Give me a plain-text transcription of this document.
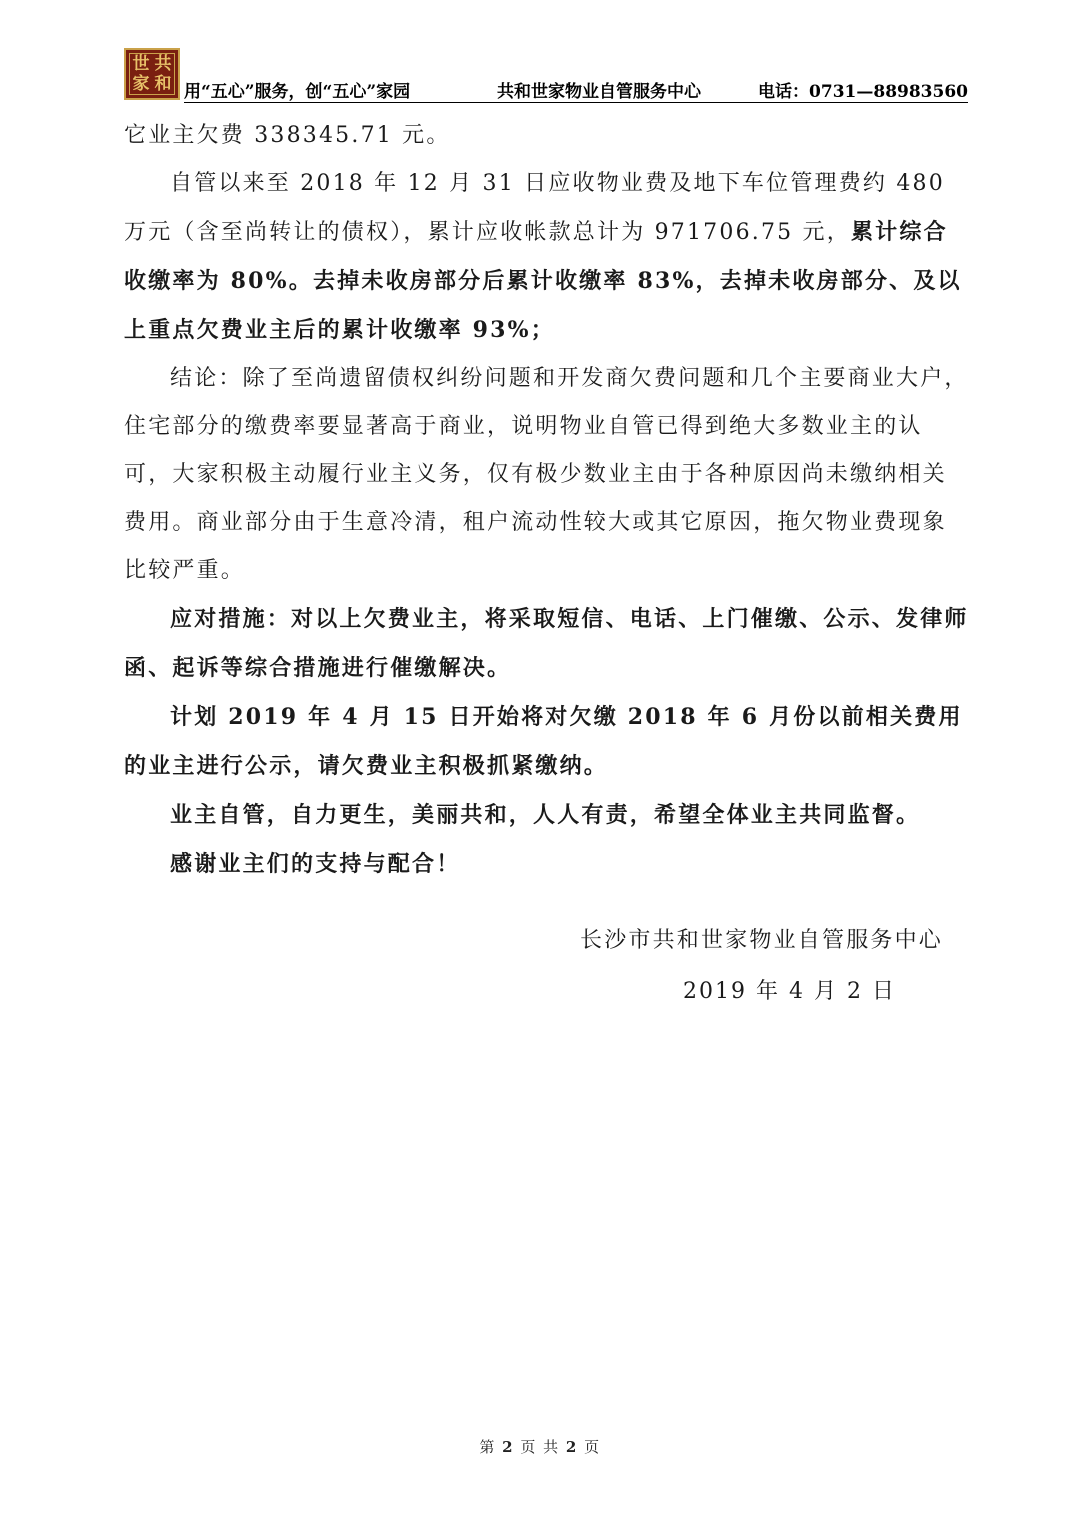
世 共
家 和 用“五心”服务，创“五心”家园	共和世家物业自管服务中心	电话：0731—88983560

它业主欠费 338345.71 元。

自管以来至 2018 年 12 月 31 日应收物业费及地下车位管理费约 480 万元（含至尚转让的债权），累计应收帐款总计为 971706.75 元，累计综合收缴率为 80%。去掉未收房部分后累计收缴率 83%，去掉未收房部分、及以上重点欠费业主后的累计收缴率 93%；

结论：除了至尚遗留债权纠纷问题和开发商欠费问题和几个主要商业大户，住宅部分的缴费率要显著高于商业，说明物业自管已得到绝大多数业主的认可，大家积极主动履行业主义务，仅有极少数业主由于各种原因尚未缴纳相关费用。商业部分由于生意冷清，租户流动性较大或其它原因，拖欠物业费现象比较严重。

应对措施：对以上欠费业主，将采取短信、电话、上门催缴、公示、发律师函、起诉等综合措施进行催缴解决。

计划 2019 年 4 月 15 日开始将对欠缴 2018 年 6 月份以前相关费用的业主进行公示，请欠费业主积极抓紧缴纳。

业主自管，自力更生，美丽共和，人人有责，希望全体业主共同监督。

感谢业主们的支持与配合！

长沙市共和世家物业自管服务中心
2019 年 4 月 2 日
第 2 页 共 2 页
